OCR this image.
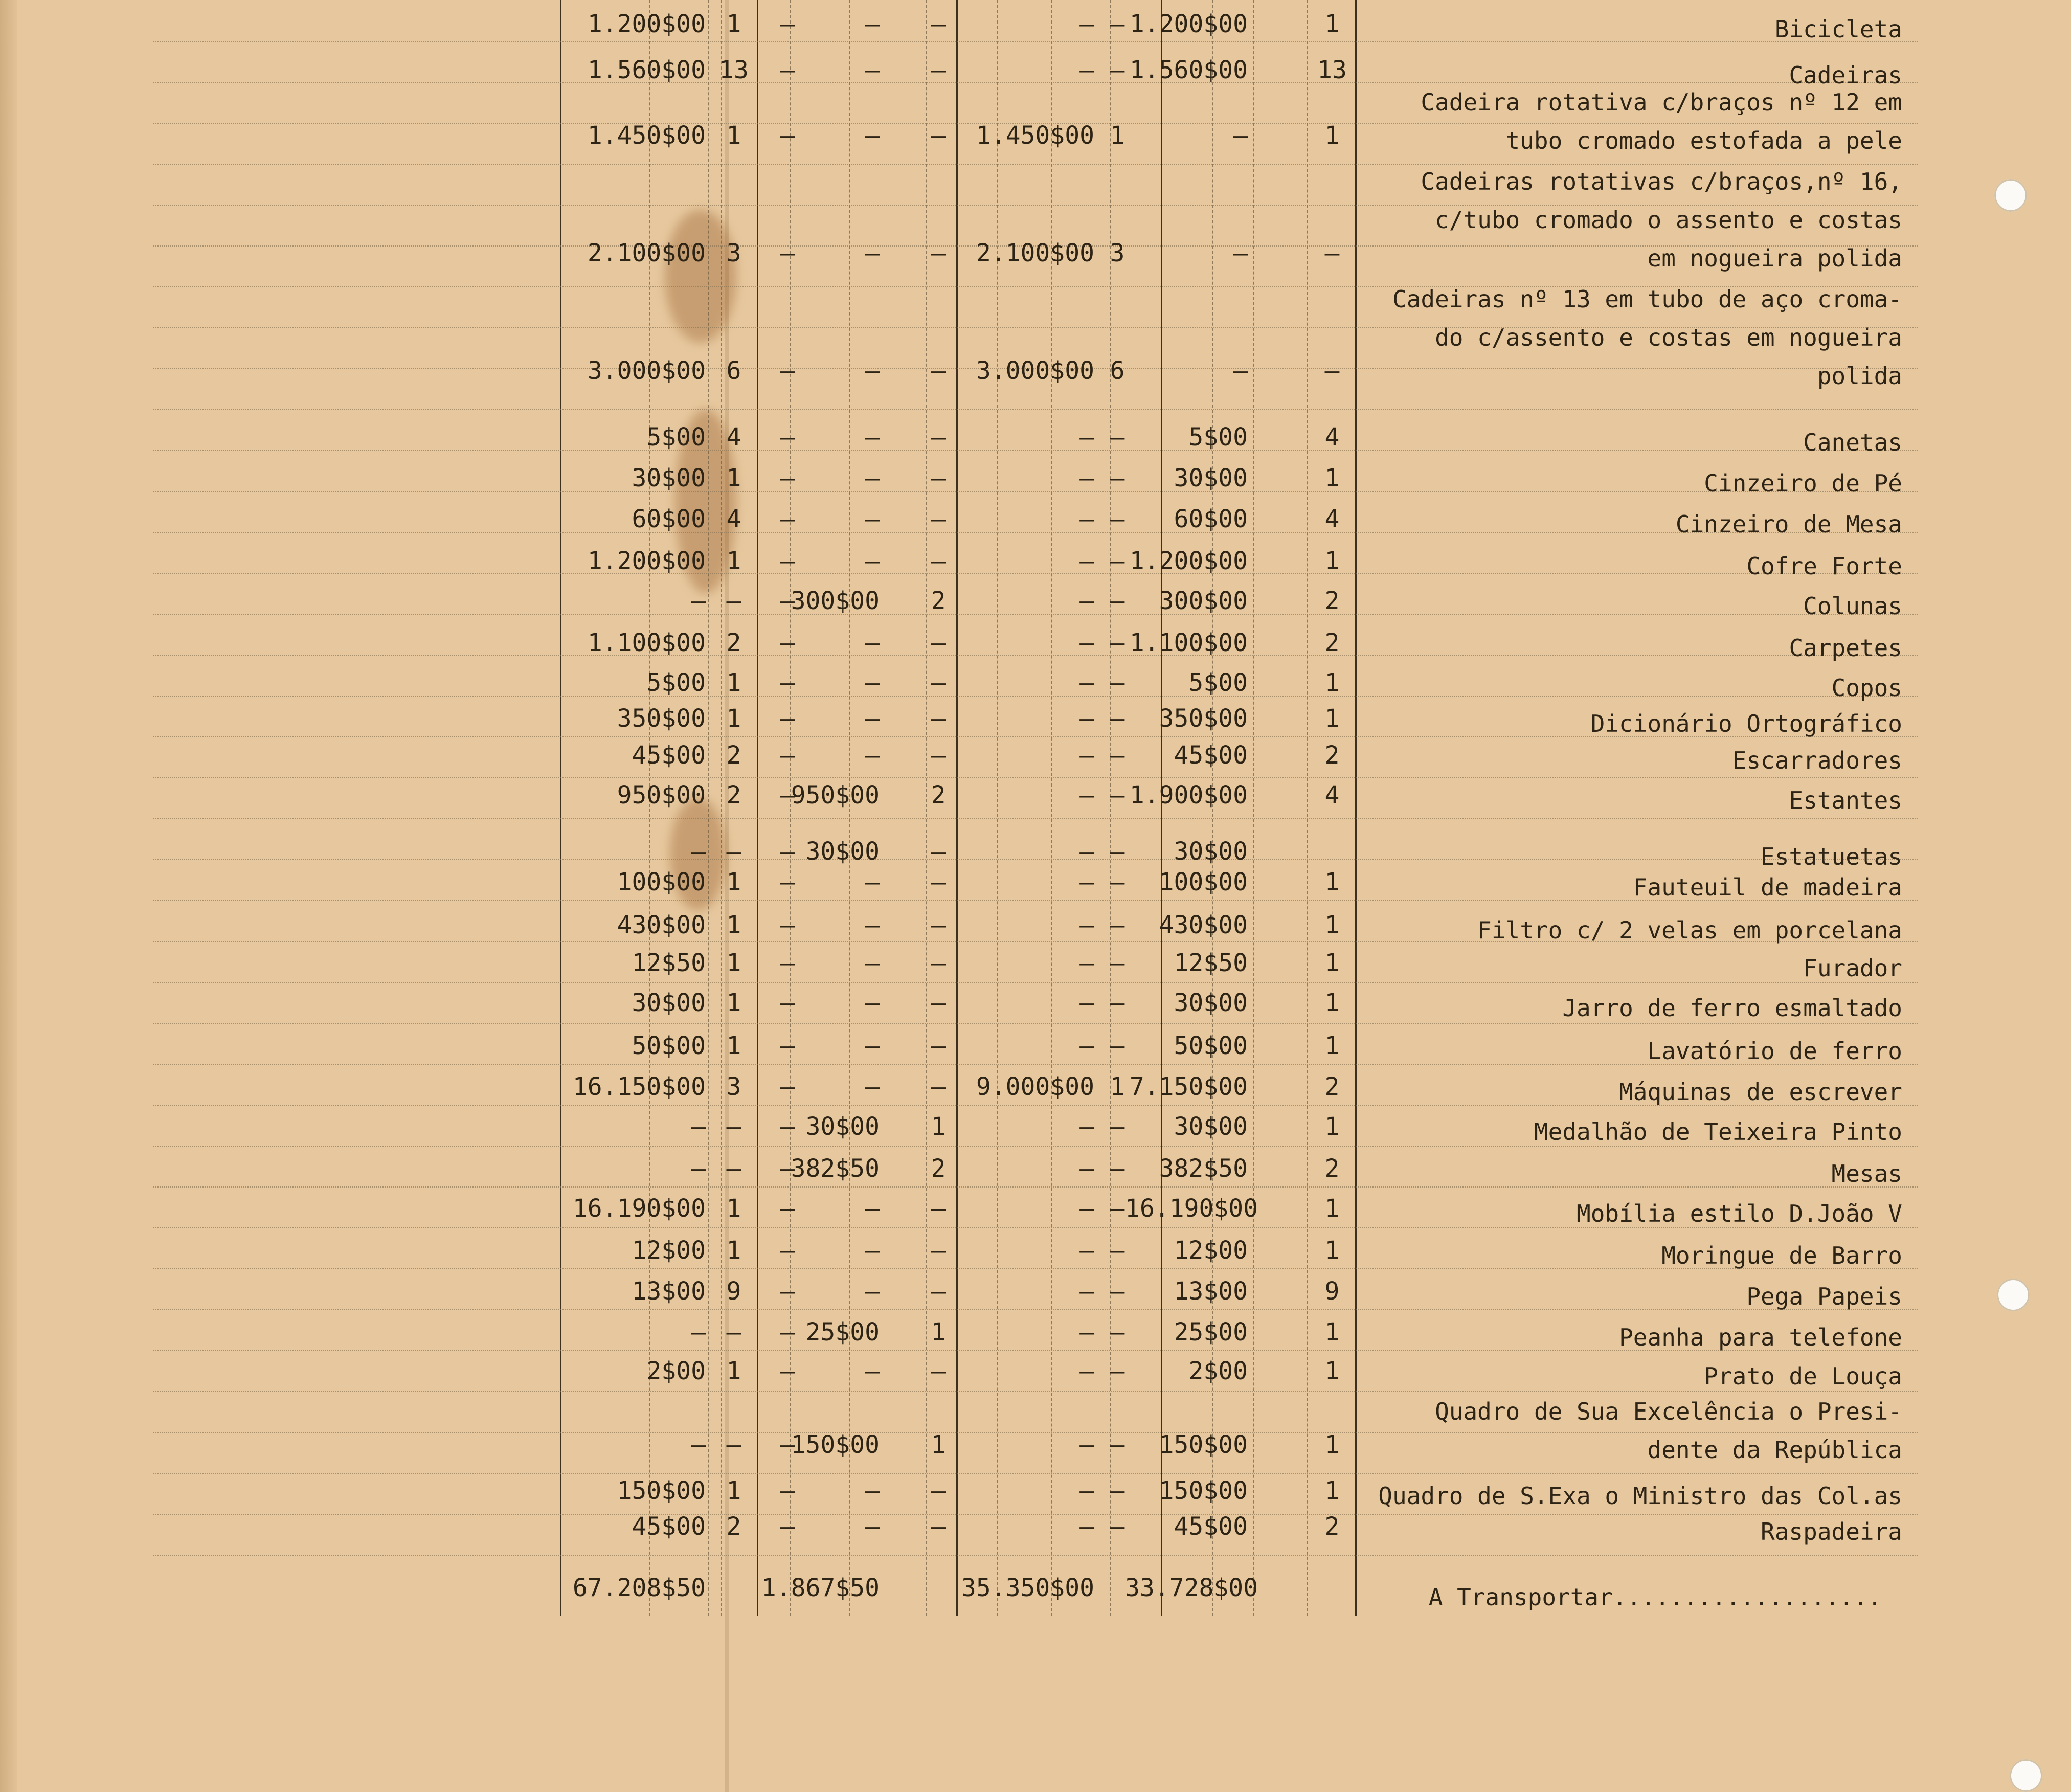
Bicicleta
1
1.200$00
—
—
—
—
—
1
1.200$00
Cadeiras
13
1.560$00
—
—
—
—
—
13
1.560$00
Cadeira rotativa c/braços nº 12 em
tubo cromado estofada a pele
1
—
1
1.450$00
—
—
—
1
1.450$00
Cadeiras rotativas c/braços,nº 16,
c/tubo cromado o assento e costas
em nogueira polida
—
—
3
2.100$00
—
—
—
3
2.100$00
Cadeiras nº 13 em tubo de aço croma-
do c/assento e costas em nogueira
polida
—
—
6
3.000$00
—
—
—
6
3.000$00
Canetas
4
5$00
—
—
—
—
—
4
5$00
Cinzeiro de Pé
1
30$00
—
—
—
—
—
1
30$00
Cinzeiro de Mesa
4
60$00
—
—
—
—
—
4
60$00
Cofre Forte
1
1.200$00
—
—
—
—
—
1
1.200$00
Colunas
2
300$00
—
—
2
300$00
—
—
—
Carpetes
2
1.100$00
—
—
—
—
—
2
1.100$00
Copos
1
5$00
—
—
—
—
—
1
5$00
Dicionário Ortográfico
1
350$00
—
—
—
—
—
1
350$00
Escarradores
2
45$00
—
—
—
—
—
2
45$00
Estantes
4
1.900$00
—
—
2
950$00
—
2
950$00
Estatuetas
30$00
—
—
—
30$00
—
—
—
Fauteuil de madeira
1
100$00
—
—
—
—
—
1
100$00
Filtro c/ 2 velas em porcelana
1
430$00
—
—
—
—
—
1
430$00
Furador
1
12$50
—
—
—
—
—
1
12$50
Jarro de ferro esmaltado
1
30$00
—
—
—
—
—
1
30$00
Lavatório de ferro
1
50$00
—
—
—
—
—
1
50$00
Máquinas de escrever
2
7.150$00
1
9.000$00
—
—
—
3
16.150$00
Medalhão de Teixeira Pinto
1
30$00
—
—
1
30$00
—
—
—
Mesas
2
382$50
—
—
2
382$50
—
—
—
Mobília estilo D.João V
1
16.190$00
—
—
—
—
—
1
16.190$00
Moringue de Barro
1
12$00
—
—
—
—
—
1
12$00
Pega Papeis
9
13$00
—
—
—
—
—
9
13$00
Peanha para telefone
1
25$00
—
—
1
25$00
—
—
—
Prato de Louça
1
2$00
—
—
—
—
—
1
2$00
Quadro de Sua Excelência o Presi-
dente da República
1
150$00
—
—
1
150$00
—
—
—
Quadro de S.Exa o Ministro das Col.as
1
150$00
—
—
—
—
—
1
150$00
Raspadeira
2
45$00
—
—
—
—
—
2
45$00
A Transportar...................
33.728$00
35.350$00
1.867$50
67.208$50
